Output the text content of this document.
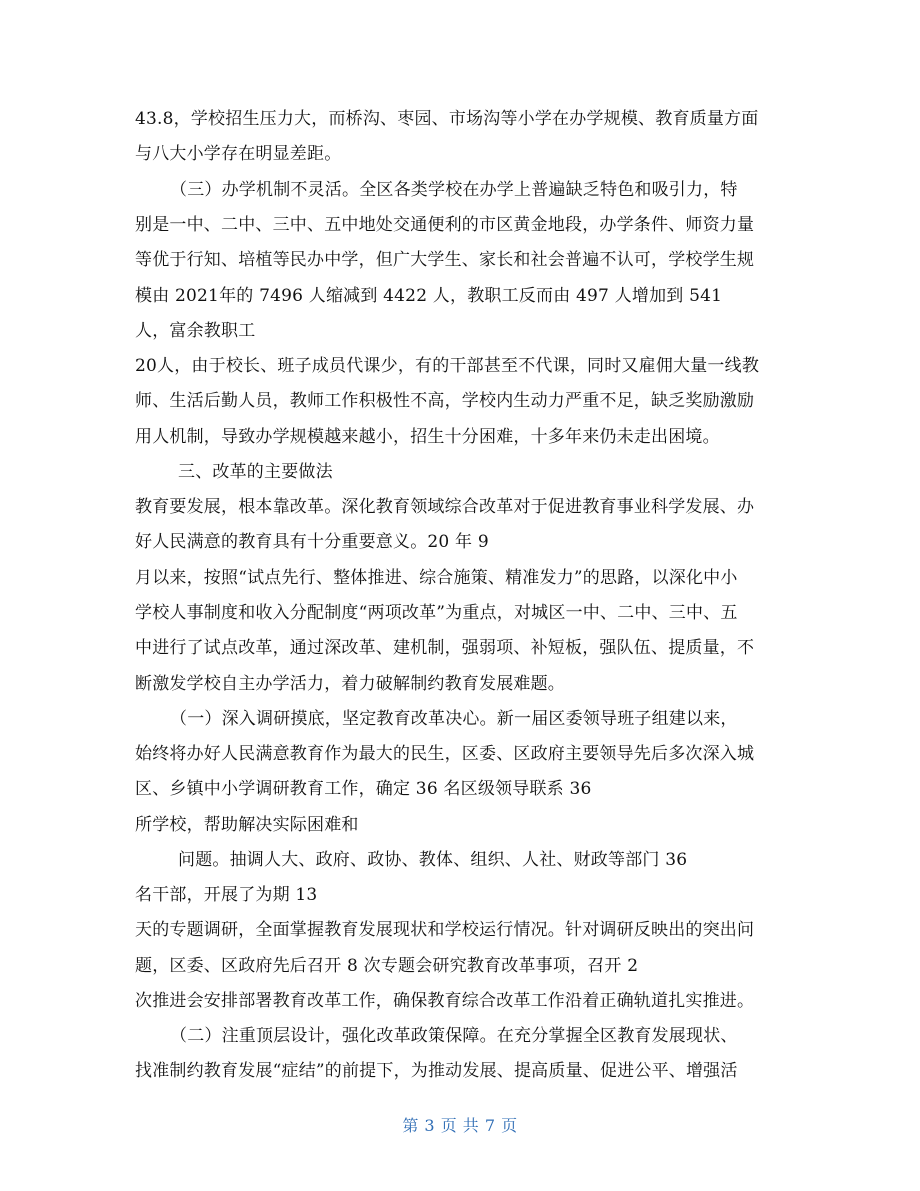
43.8，学校招生压力大，而桥沟、枣园、市场沟等小学在办学规模、教育质量方面
与八大小学存在明显差距。
（三）办学机制不灵活。全区各类学校在办学上普遍缺乏特色和吸引力，特
别是一中、二中、三中、五中地处交通便利的市区黄金地段，办学条件、师资力量
等优于行知、培植等民办中学，但广大学生、家长和社会普遍不认可，学校学生规
模由 2021年的 7496 人缩减到 4422 人，教职工反而由 497 人增加到 541
人，富余教职工
20人，由于校长、班子成员代课少，有的干部甚至不代课，同时又雇佣大量一线教
师、生活后勤人员，教师工作积极性不高，学校内生动力严重不足，缺乏奖励激励
用人机制，导致办学规模越来越小，招生十分困难，十多年来仍未走出困境。
三、改革的主要做法
教育要发展，根本靠改革。深化教育领域综合改革对于促进教育事业科学发展、办
好人民满意的教育具有十分重要意义。20 年 9
月以来，按照“试点先行、整体推进、综合施策、精准发力”的思路，以深化中小
学校人事制度和收入分配制度“两项改革”为重点，对城区一中、二中、三中、五
中进行了试点改革，通过深改革、建机制，强弱项、补短板，强队伍、提质量，不
断激发学校自主办学活力，着力破解制约教育发展难题。
（一）深入调研摸底，坚定教育改革决心。新一届区委领导班子组建以来，
始终将办好人民满意教育作为最大的民生，区委、区政府主要领导先后多次深入城
区、乡镇中小学调研教育工作，确定 36 名区级领导联系 36
所学校，帮助解决实际困难和
问题。抽调人大、政府、政协、教体、组织、人社、财政等部门 36
名干部，开展了为期 13
天的专题调研，全面掌握教育发展现状和学校运行情况。针对调研反映出的突出问
题，区委、区政府先后召开 8 次专题会研究教育改革事项，召开 2
次推进会安排部署教育改革工作，确保教育综合改革工作沿着正确轨道扎实推进。
（二）注重顶层设计，强化改革政策保障。在充分掌握全区教育发展现状、
找准制约教育发展“症结”的前提下，为推动发展、提高质量、促进公平、增强活
第 3 页 共 7 页
